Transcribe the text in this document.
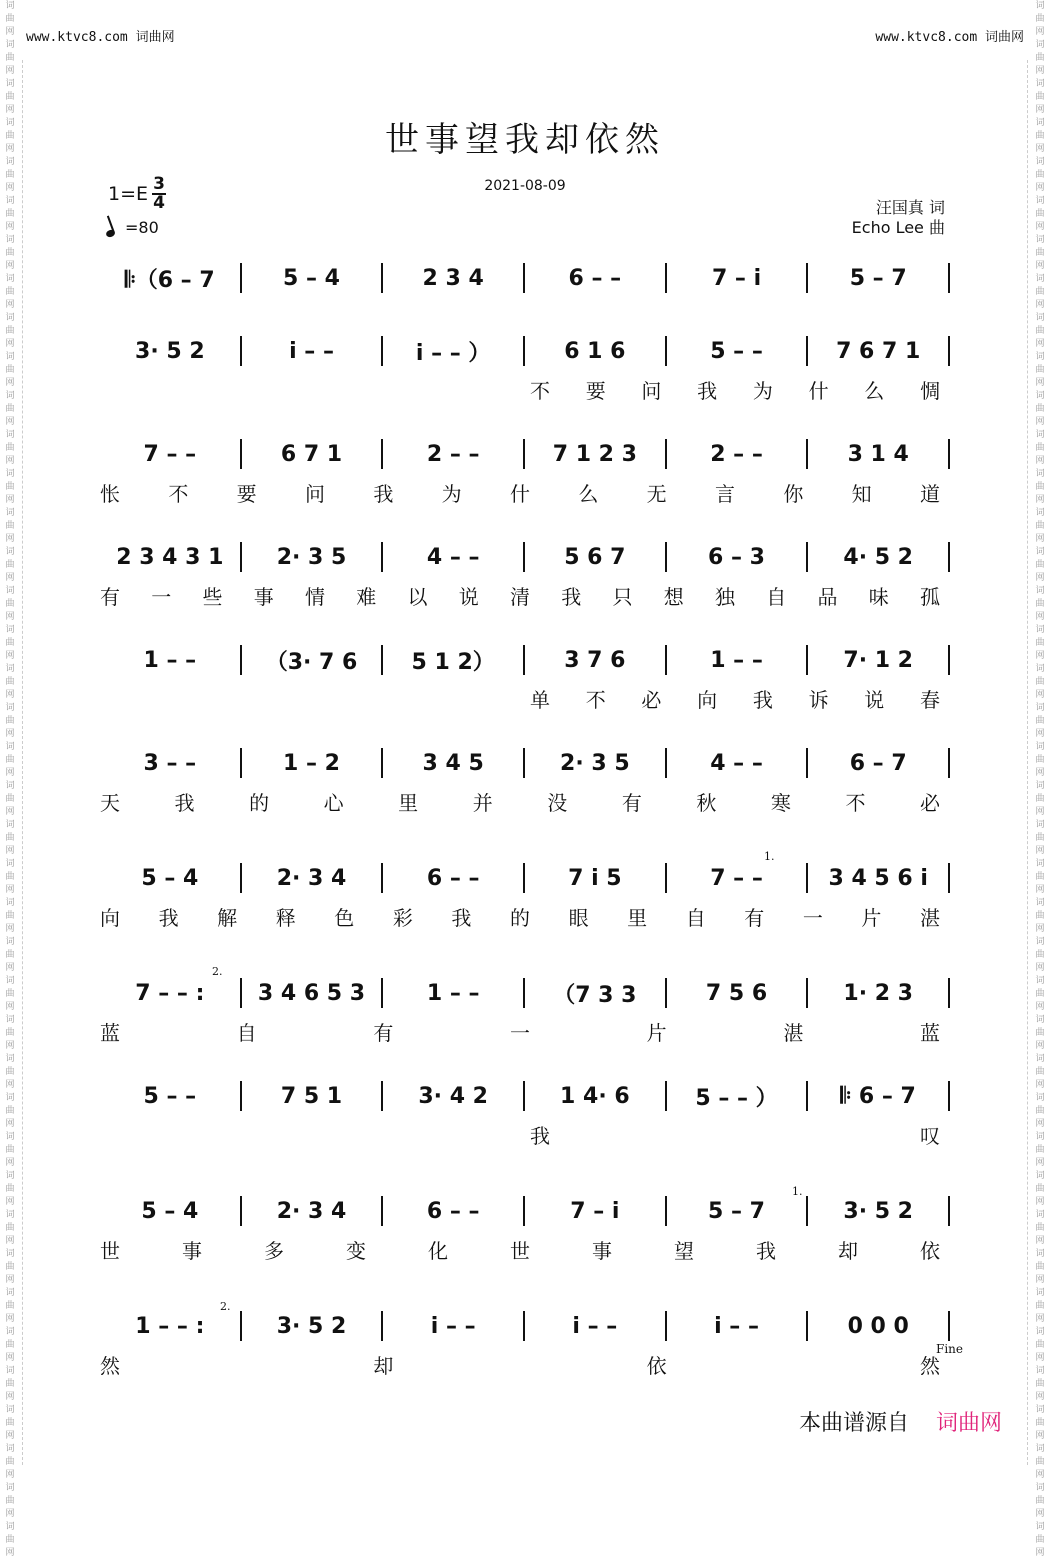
词曲网词曲网词曲网词曲网词曲网词曲网词曲网词曲网词曲网词曲网词曲网词曲网词曲网词曲网词曲网词曲网词曲网词曲网词曲网词曲网词曲网词曲网词曲网词曲网词曲网词曲网词曲网词曲网词曲网词曲网词曲网词曲网词曲网词曲网词曲网词曲网词曲网词曲网词曲网词曲网
词曲网词曲网词曲网词曲网词曲网词曲网词曲网词曲网词曲网词曲网词曲网词曲网词曲网词曲网词曲网词曲网词曲网词曲网词曲网词曲网词曲网词曲网词曲网词曲网词曲网词曲网词曲网词曲网词曲网词曲网词曲网词曲网词曲网词曲网词曲网词曲网词曲网词曲网词曲网词曲网
www.ktvc8.com 词曲网	www.ktvc8.com 词曲网
世事望我却依然
2021-08-09
$1=E \frac{3}{4}$
=80
汪国真 词
Echo Lee 曲
𝄆（6 – 7	5 – 4	2 3 4	6 – –	7 – i	5 – 7
3· 5 2	i – –	i – – ）	6 1 6	5 – –	7 6 7 1
不 要 问 我 为 什 么 惆
7 – –	6 7 1	2 – –	7 1 2 3	2 – –	3 1 4
怅 不 要 问 我 为 什 么 无 言 你 知 道
2 3 4 3 1	2· 3 5	4 – –	5 6 7	6 – 3	4· 5 2
有 一 些 事 情 难 以 说 清 我 只 想 独 自 品 味 孤
1 – –	（3· 7 6	5 1 2）	3 7 6	1 – –	7· 1 2
单 不 必 向 我 诉 说 春
3 – –	1 – 2	3 4 5	2· 3 5	4 – –	6 – 7
天	我	的	心	里	并	没	有	秋	寒	不	必
5 – 4	2· 3 4	6 – –	7 i 5	7 – –	3 4 5 6 i
向 我 解 释 色 彩 我 的 眼 里 自 有 一 片 湛
7 – – :	3 4 6 5 3	1 – –	（7 3 3	7 5 6	1· 2 3
蓝	自	有	一	片	湛	蓝
5 – –	7 5 1	3· 4 2	1 4· 6	5 – – ）	𝄆 6 – 7
我	叹
5 – 4	2· 3 4	6 – –	7 – i	5 – 7	3· 5 2
世	事	多	变	化	世	事	望	我	却	依
1 – – :	3· 5 2	i – –	i – –	i – –	0 0 0
然	却	依	然
本曲谱源自 词曲网
1.
2.
1.
2.
Fine
